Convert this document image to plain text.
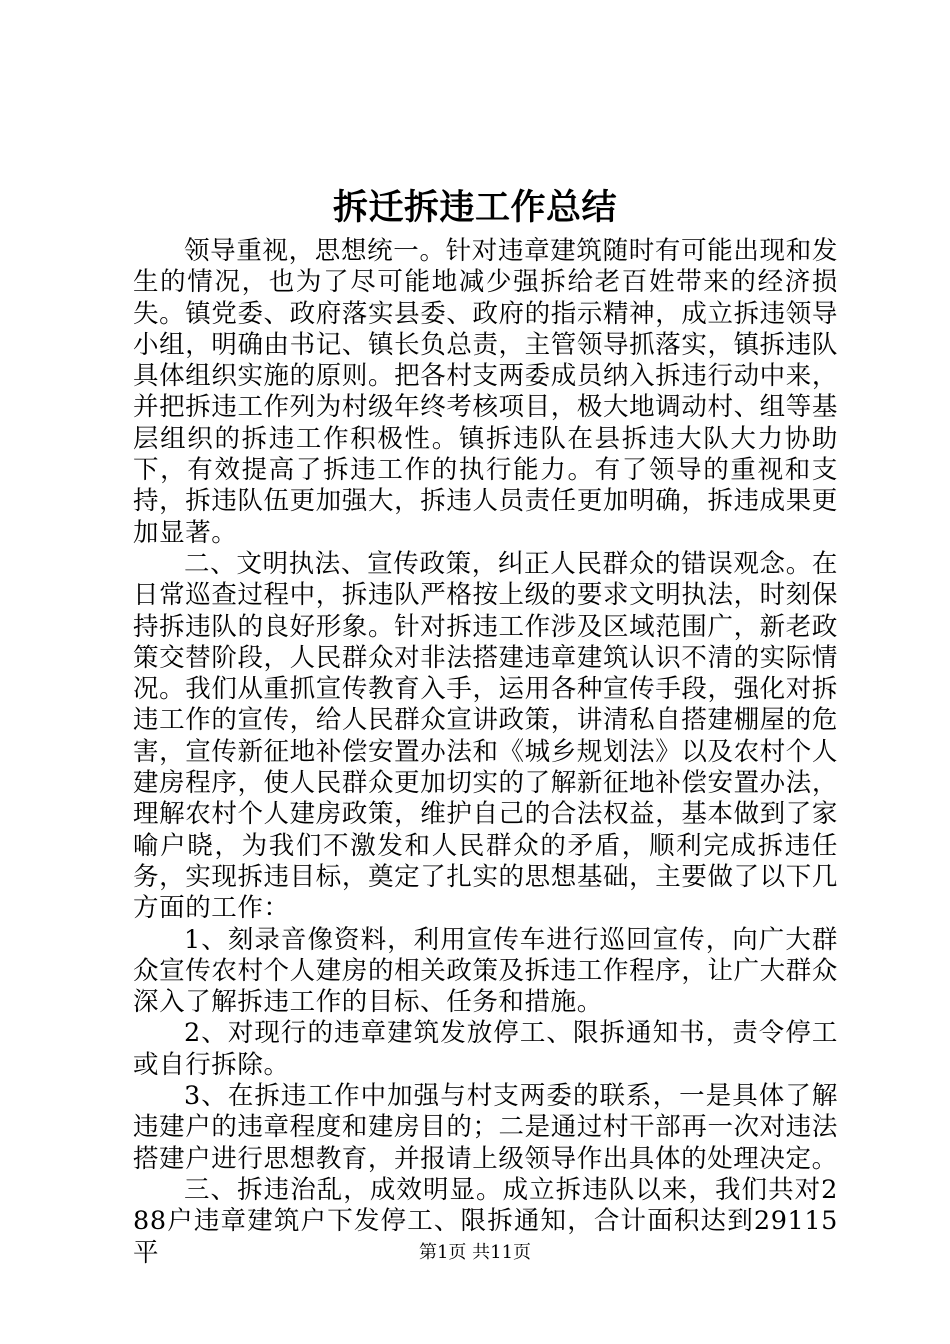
拆迁拆违工作总结

领导重视，思想统一。针对违章建筑随时有可能出现和发生的情况，也为了尽可能地减少强拆给老百姓带来的经济损失。镇党委、政府落实县委、政府的指示精神，成立拆违领导小组，明确由书记、镇长负总责，主管领导抓落实，镇拆违队具体组织实施的原则。把各村支两委成员纳入拆违行动中来，并把拆违工作列为村级年终考核项目，极大地调动村、组等基层组织的拆违工作积极性。镇拆违队在县拆违大队大力协助下，有效提高了拆违工作的执行能力。有了领导的重视和支持，拆违队伍更加强大，拆违人员责任更加明确，拆违成果更加显著。

二、文明执法、宣传政策，纠正人民群众的错误观念。在日常巡查过程中，拆违队严格按上级的要求文明执法，时刻保持拆违队的良好形象。针对拆违工作涉及区域范围广，新老政策交替阶段，人民群众对非法搭建违章建筑认识不清的实际情况。我们从重抓宣传教育入手，运用各种宣传手段，强化对拆违工作的宣传，给人民群众宣讲政策，讲清私自搭建棚屋的危害，宣传新征地补偿安置办法和《城乡规划法》以及农村个人建房程序，使人民群众更加切实的了解新征地补偿安置办法，理解农村个人建房政策，维护自己的合法权益，基本做到了家喻户晓，为我们不激发和人民群众的矛盾，顺利完成拆违任务，实现拆违目标，奠定了扎实的思想基础，主要做了以下几方面的工作：

1、刻录音像资料，利用宣传车进行巡回宣传，向广大群众宣传农村个人建房的相关政策及拆违工作程序，让广大群众深入了解拆违工作的目标、任务和措施。

2、对现行的违章建筑发放停工、限拆通知书，责令停工或自行拆除。

3、在拆违工作中加强与村支两委的联系，一是具体了解违建户的违章程度和建房目的；二是通过村干部再一次对违法搭建户进行思想教育，并报请上级领导作出具体的处理决定。

三、拆违治乱，成效明显。成立拆违队以来，我们共对288户违章建筑户下发停工、限拆通知，合计面积达到29115平	第1页 共11页
